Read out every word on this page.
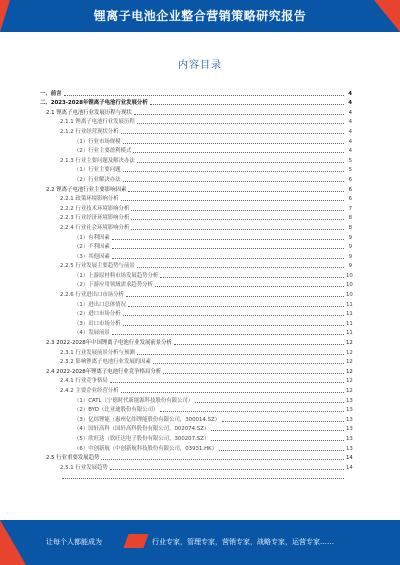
锂离子电池企业整合营销策略研究报告
内容目录
一、前言	4
二、2023-2028年锂离子电池行业发展分析	4
2.1 锂离子电池行业发展历程与现状	4
2.1.1 锂离子电池行业发展历程	4
2.1.2 行业经营现状分析	4
（1）行业市场规模	4
（2）行业主要盈利模式	4
2.1.3 行业主要问题及解决办法	5
（1）行业主要问题	5
（2）行业解决办法	6
2.2 锂离子电池行业主要影响因素	6
2.2.1 政策环境影响分析	6
2.2.2 行业技术环境影响分析	7
2.2.3 行业经济环境影响分析	8
2.2.4 行业社会环境影响分析	8
（1）有利因素	9
（2）不利因素	9
（3）其他因素	9
2.2.5 行业发展主要趋势与前景	9
（1）上游原材料市场发展趋势分析	10
（2）下游应用领域需求趋势分析	10
2.2.6 行业进出口市场分析	10
（1）进出口总体情况	11
（2）进口市场分析	11
（3）出口市场分析	11
（4）发展前景	11
2.3 2022-2028年中国锂离子电池行业发展前景分析	12
2.3.1 行业发展前景分析与预测	12
2.3.2 影响锂离子电池行业发展的因素	12
2.4 2022-2028年锂离子电池行业竞争格局分析	12
2.4.1 行业竞争格局	12
2.4.2 主要企业经营分析	12
（1）CATL（宁德时代新能源科技股份有限公司）	13
（2）BYD（比亚迪股份有限公司）	13
（3）亿纬锂能（惠州亿纬锂能股份有限公司，300014.SZ）	13
（4）国轩高科（国轩高科股份有限公司，002074.SZ）	13
（5）欣旺达（欣旺达电子股份有限公司，300207.SZ）	13
（6）中创新航（中创新航科技股份有限公司，03931.HK）	13
2.5 行业重要发展趋势	14
2.5.1 行业发展趋势	14
让每个人都能成为	行业专家，管理专家，营销专家，战略专家，运营专家……
